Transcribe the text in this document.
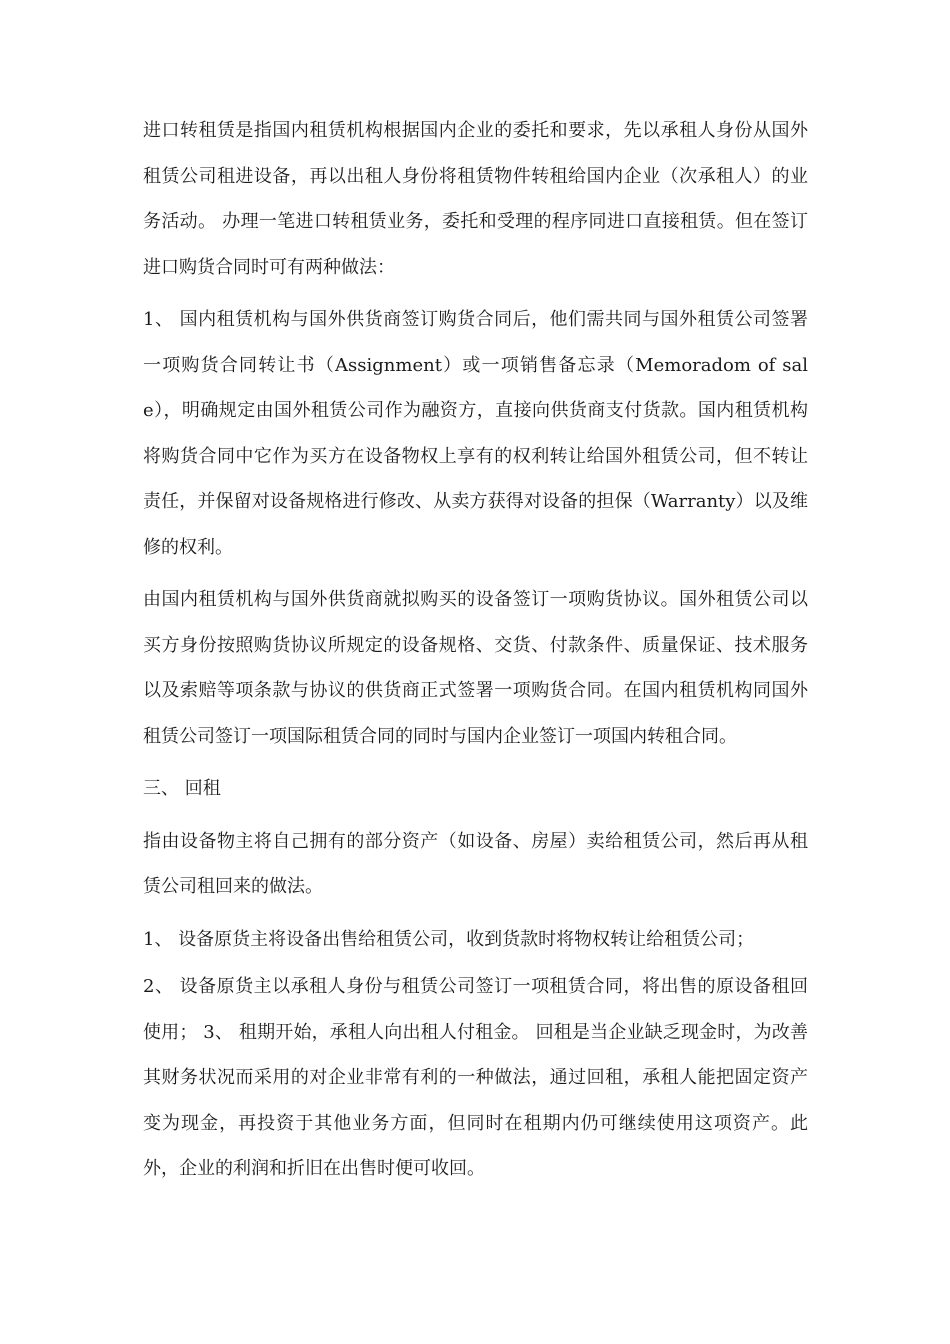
进口转租赁是指国内租赁机构根据国内企业的委托和要求，先以承租人身份从国外租赁公司租进设备，再以出租人身份将租赁物件转租给国内企业（次承租人）的业务活动。 办理一笔进口转租赁业务，委托和受理的程序同进口直接租赁。但在签订进口购货合同时可有两种做法：

1、 国内租赁机构与国外供货商签订购货合同后，他们需共同与国外租赁公司签署一项购货合同转让书（Assignment）或一项销售备忘录（Memoradom of sale），明确规定由国外租赁公司作为融资方，直接向供货商支付货款。国内租赁机构将购货合同中它作为买方在设备物权上享有的权利转让给国外租赁公司，但不转让责任，并保留对设备规格进行修改、从卖方获得对设备的担保（Warranty）以及维修的权利。

由国内租赁机构与国外供货商就拟购买的设备签订一项购货协议。国外租赁公司以买方身份按照购货协议所规定的设备规格、交货、付款条件、质量保证、技术服务以及索赔等项条款与协议的供货商正式签署一项购货合同。在国内租赁机构同国外租赁公司签订一项国际租赁合同的同时与国内企业签订一项国内转租合同。

三、 回租

指由设备物主将自己拥有的部分资产（如设备、房屋）卖给租赁公司，然后再从租赁公司租回来的做法。

1、 设备原货主将设备出售给租赁公司，收到货款时将物权转让给租赁公司；

2、 设备原货主以承租人身份与租赁公司签订一项租赁合同，将出售的原设备租回使用； 3、 租期开始，承租人向出租人付租金。 回租是当企业缺乏现金时，为改善其财务状况而采用的对企业非常有利的一种做法，通过回租，承租人能把固定资产变为现金，再投资于其他业务方面，但同时在租期内仍可继续使用这项资产。此外，企业的利润和折旧在出售时便可收回。
